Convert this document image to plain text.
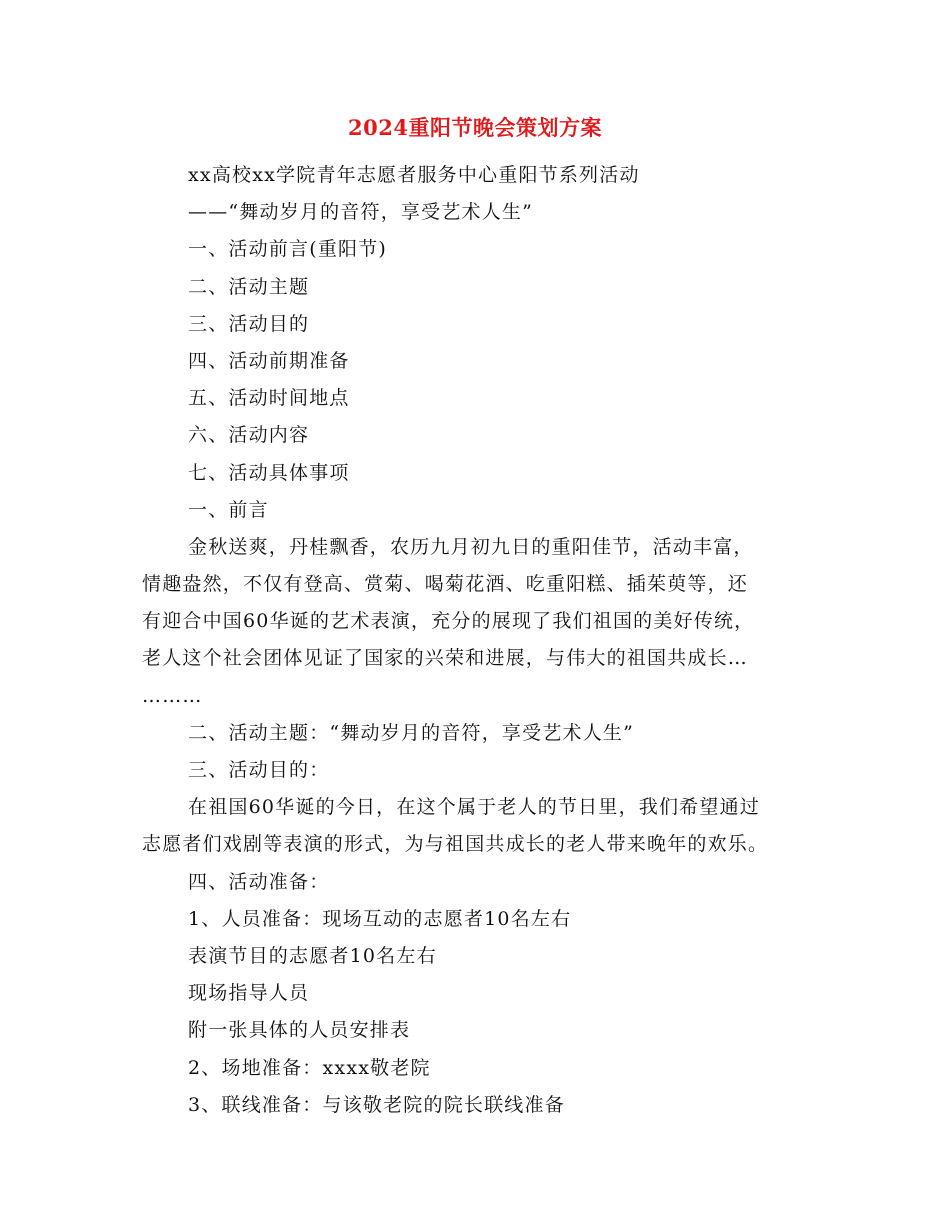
2024重阳节晚会策划方案

xx高校xx学院青年志愿者服务中心重阳节系列活动

——“舞动岁月的音符，享受艺术人生”

一、活动前言(重阳节)

二、活动主题

三、活动目的

四、活动前期准备

五、活动时间地点

六、活动内容

七、活动具体事项

一、前言

金秋送爽，丹桂飘香，农历九月初九日的重阳佳节，活动丰富，

情趣盎然，不仅有登高、赏菊、喝菊花酒、吃重阳糕、插茱萸等，还

有迎合中国60华诞的艺术表演，充分的展现了我们祖国的美好传统，

老人这个社会团体见证了国家的兴荣和进展，与伟大的祖国共成长…

………

二、活动主题：“舞动岁月的音符，享受艺术人生”

三、活动目的：

在祖国60华诞的今日，在这个属于老人的节日里，我们希望通过

志愿者们戏剧等表演的形式，为与祖国共成长的老人带来晚年的欢乐。

四、活动准备：

1、人员准备：现场互动的志愿者10名左右

表演节目的志愿者10名左右

现场指导人员

附一张具体的人员安排表

2、场地准备：xxxx敬老院

3、联线准备：与该敬老院的院长联线准备
